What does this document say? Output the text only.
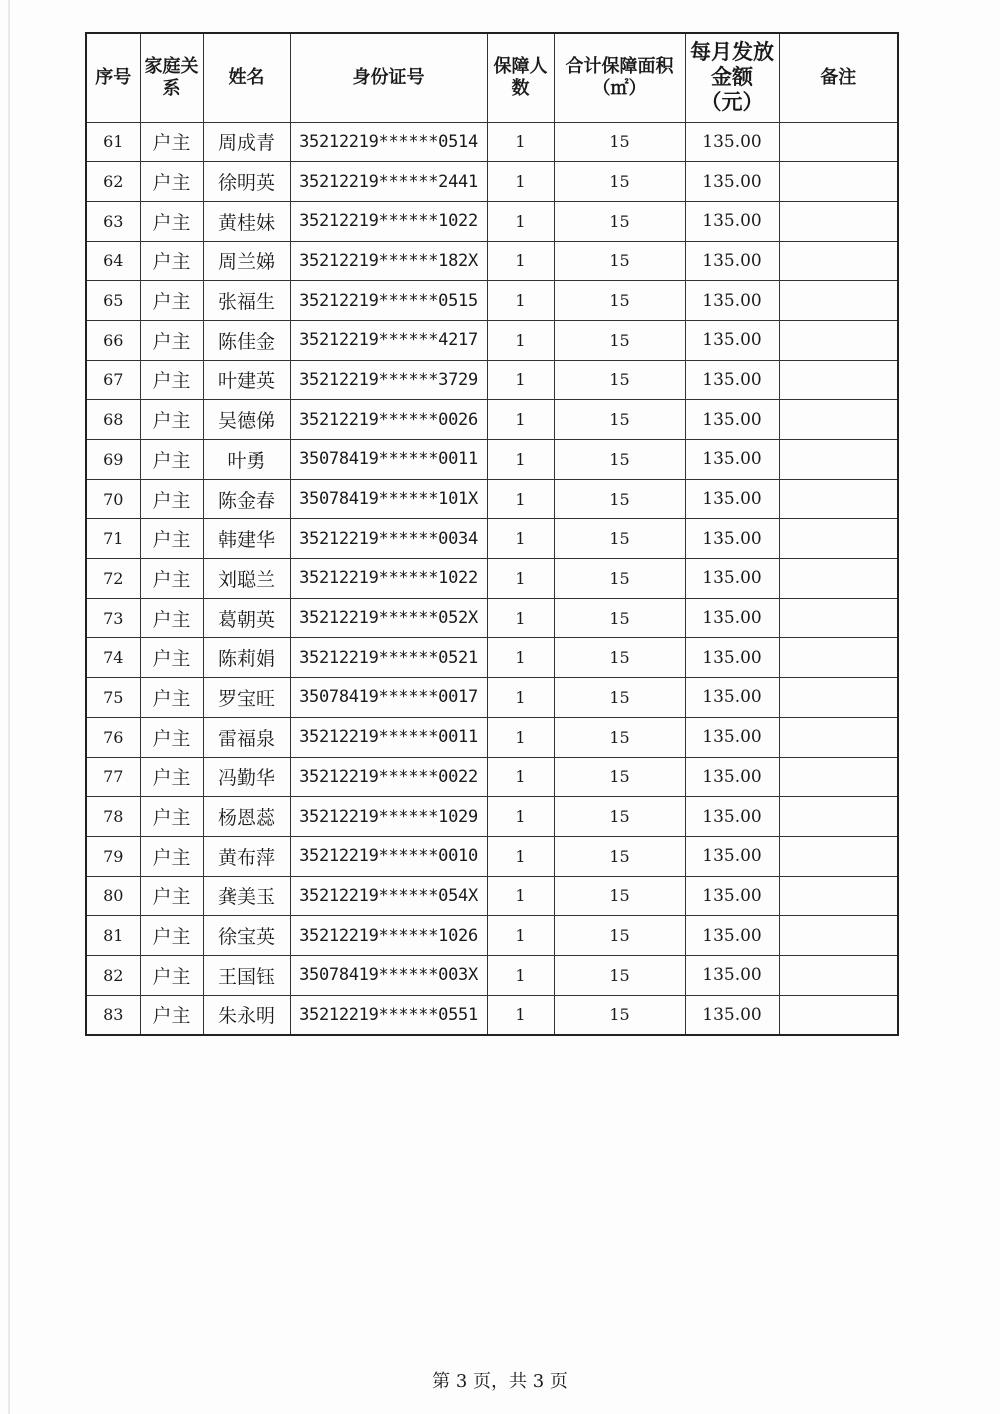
序号	家庭关系	姓名	身份证号	保障人数	合计保障面积（㎡）	每月发放金额（元）	备注
61	户主	周成青	35212219******0514	1	15	135.00	
62	户主	徐明英	35212219******2441	1	15	135.00	
63	户主	黄桂妹	35212219******1022	1	15	135.00	
64	户主	周兰娣	35212219******182X	1	15	135.00	
65	户主	张福生	35212219******0515	1	15	135.00	
66	户主	陈佳金	35212219******4217	1	15	135.00	
67	户主	叶建英	35212219******3729	1	15	135.00	
68	户主	吴德俤	35212219******0026	1	15	135.00	
69	户主	叶勇	35078419******0011	1	15	135.00	
70	户主	陈金春	35078419******101X	1	15	135.00	
71	户主	韩建华	35212219******0034	1	15	135.00	
72	户主	刘聪兰	35212219******1022	1	15	135.00	
73	户主	葛朝英	35212219******052X	1	15	135.00	
74	户主	陈莉娟	35212219******0521	1	15	135.00	
75	户主	罗宝旺	35078419******0017	1	15	135.00	
76	户主	雷福泉	35212219******0011	1	15	135.00	
77	户主	冯勤华	35212219******0022	1	15	135.00	
78	户主	杨恩蕊	35212219******1029	1	15	135.00	
79	户主	黄布萍	35212219******0010	1	15	135.00	
80	户主	龚美玉	35212219******054X	1	15	135.00	
81	户主	徐宝英	35212219******1026	1	15	135.00	
82	户主	王国钰	35078419******003X	1	15	135.00	
83	户主	朱永明	35212219******0551	1	15	135.00	
第 3 页，共 3 页
